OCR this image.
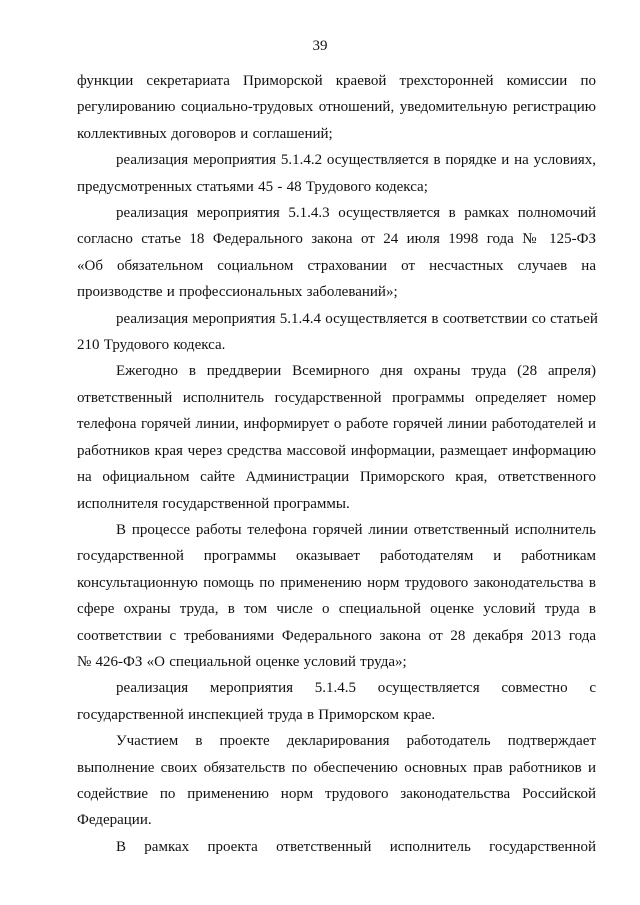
39
функции секретариата Приморской краевой трехсторонней комиссии по
регулированию социально-трудовых отношений, уведомительную регистрацию
коллективных договоров и соглашений;
реализация мероприятия 5.1.4.2 осуществляется в порядке и на условиях,
предусмотренных статьями 45 - 48 Трудового кодекса;
реализация мероприятия 5.1.4.3 осуществляется в рамках полномочий
согласно статье 18 Федерального закона от 24 июля 1998 года № 125-ФЗ
«Об обязательном социальном страховании от несчастных случаев на
производстве и профессиональных заболеваний»;
реализация мероприятия 5.1.4.4 осуществляется в соответствии со статьей
210 Трудового кодекса.
Ежегодно в преддверии Всемирного дня охраны труда (28 апреля)
ответственный исполнитель государственной программы определяет номер
телефона горячей линии, информирует о работе горячей линии работодателей и
работников края через средства массовой информации, размещает информацию
на официальном сайте Администрации Приморского края, ответственного
исполнителя государственной программы.
В процессе работы телефона горячей линии ответственный исполнитель
государственной программы оказывает работодателям и работникам
консультационную помощь по применению норм трудового законодательства в
сфере охраны труда, в том числе о специальной оценке условий труда в
соответствии с требованиями Федерального закона от 28 декабря 2013 года
№ 426-ФЗ «О специальной оценке условий труда»;
реализация мероприятия 5.1.4.5 осуществляется совместно с
государственной инспекцией труда в Приморском крае.
Участием в проекте декларирования работодатель подтверждает
выполнение своих обязательств по обеспечению основных прав работников и
содействие по применению норм трудового законодательства Российской
Федерации.
В рамках проекта ответственный исполнитель государственной
